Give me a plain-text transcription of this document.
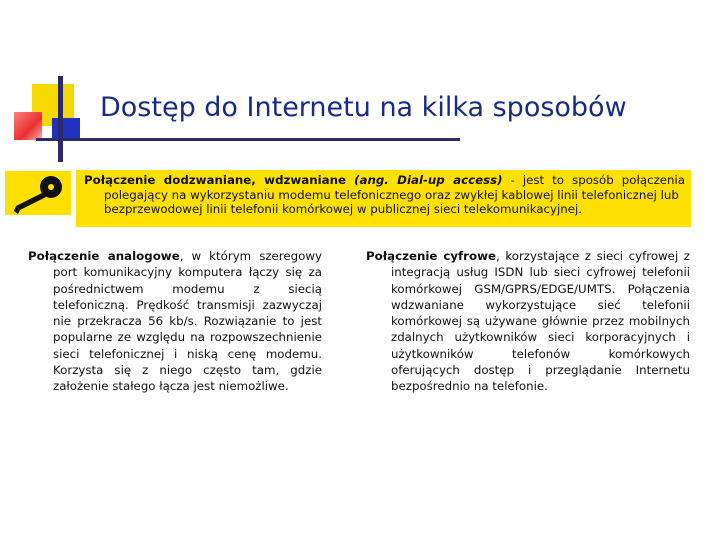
Dostęp do Internetu na kilka sposobów
Połączenie dodzwaniane, wdzwaniane (ang. Dial-up access) - jest to sposób połączenia
polegający na wykorzystaniu modemu telefonicznego oraz zwykłej kablowej linii telefonicznej lub bezprzewodowej linii telefonii komórkowej w publicznej sieci telekomunikacyjnej.

Połączenie analogowe, w którym szeregowy port komunikacyjny komputera łączy się za pośrednictwem modemu z siecią telefoniczną. Prędkość transmisji zazwyczaj nie przekracza 56 kb/s. Rozwiązanie to jest popularne ze względu na rozpowszechnienie sieci telefonicznej i niską cenę modemu. Korzysta się z niego często tam, gdzie założenie stałego łącza jest niemożliwe.

Połączenie cyfrowe, korzystające z sieci cyfrowej z integracją usług ISDN lub sieci cyfrowej telefonii komórkowej GSM/GPRS/EDGE/UMTS. Połączenia wdzwaniane wykorzystujące sieć telefonii komórkowej są używane głównie przez mobilnych zdalnych użytkowników sieci korporacyjnych i użytkowników telefonów komórkowych oferujących dostęp i przeglądanie Internetu bezpośrednio na telefonie.
